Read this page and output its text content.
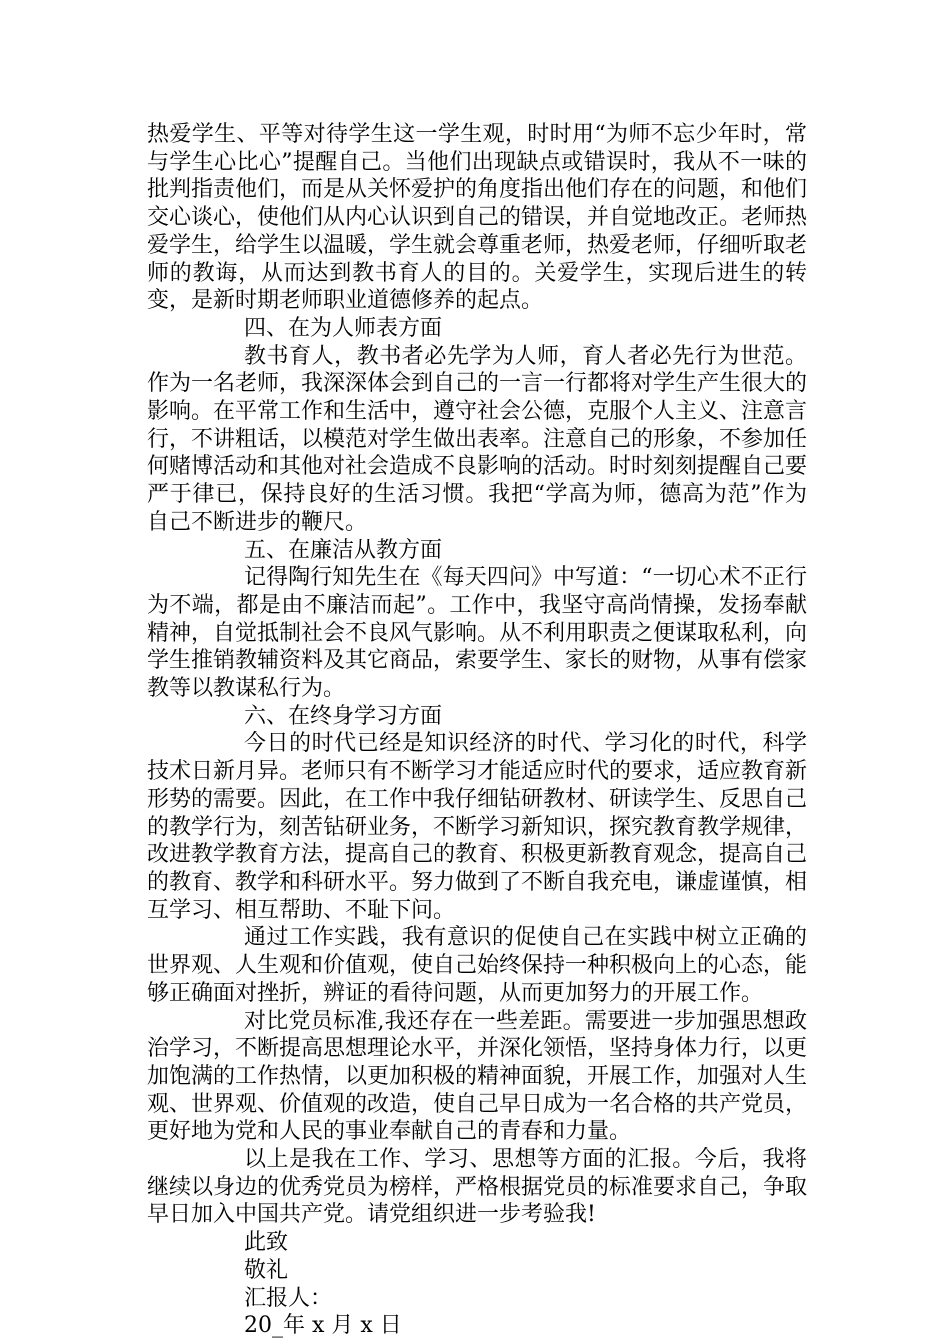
热爱学生、平等对待学生这一学生观，时时用“为师不忘少年时，常与学生心比心”提醒自己。当他们出现缺点或错误时，我从不一味的批判指责他们，而是从关怀爱护的角度指出他们存在的问题，和他们交心谈心，使他们从内心认识到自己的错误，并自觉地改正。老师热爱学生，给学生以温暖，学生就会尊重老师，热爱老师，仔细听取老师的教诲，从而达到教书育人的目的。关爱学生，实现后进生的转变，是新时期老师职业道德修养的起点。

四、在为人师表方面

教书育人，教书者必先学为人师，育人者必先行为世范。作为一名老师，我深深体会到自己的一言一行都将对学生产生很大的影响。在平常工作和生活中，遵守社会公德，克服个人主义、注意言行，不讲粗话，以模范对学生做出表率。注意自己的形象，不参加任何赌博活动和其他对社会造成不良影响的活动。时时刻刻提醒自己要严于律已，保持良好的生活习惯。我把“学高为师，德高为范”作为自己不断进步的鞭尺。

五、在廉洁从教方面

记得陶行知先生在《每天四问》中写道：“一切心术不正行为不端，都是由不廉洁而起”。工作中，我坚守高尚情操，发扬奉献精神，自觉抵制社会不良风气影响。从不利用职责之便谋取私利，向学生推销教辅资料及其它商品，索要学生、家长的财物，从事有偿家教等以教谋私行为。

六、在终身学习方面

今日的时代已经是知识经济的时代、学习化的时代，科学技术日新月异。老师只有不断学习才能适应时代的要求，适应教育新形势的需要。因此，在工作中我仔细钻研教材、研读学生、反思自己的教学行为，刻苦钻研业务，不断学习新知识，探究教育教学规律，改进教学教育方法，提高自己的教育、积极更新教育观念，提高自己的教育、教学和科研水平。努力做到了不断自我充电，谦虚谨慎，相互学习、相互帮助、不耻下问。

通过工作实践，我有意识的促使自己在实践中树立正确的世界观、人生观和价值观，使自己始终保持一种积极向上的心态，能够正确面对挫折，辨证的看待问题，从而更加努力的开展工作。

对比党员标准,我还存在一些差距。需要进一步加强思想政治学习，不断提高思想理论水平，并深化领悟，坚持身体力行，以更加饱满的工作热情，以更加积极的精神面貌，开展工作，加强对人生观、世界观、价值观的改造，使自己早日成为一名合格的共产党员，更好地为党和人民的事业奉献自己的青春和力量。

以上是我在工作、学习、思想等方面的汇报。今后，我将继续以身边的优秀党员为榜样，严格根据党员的标准要求自己，争取早日加入中国共产党。请党组织进一步考验我!

此致

敬礼

汇报人：

20_年 x 月 x 日
